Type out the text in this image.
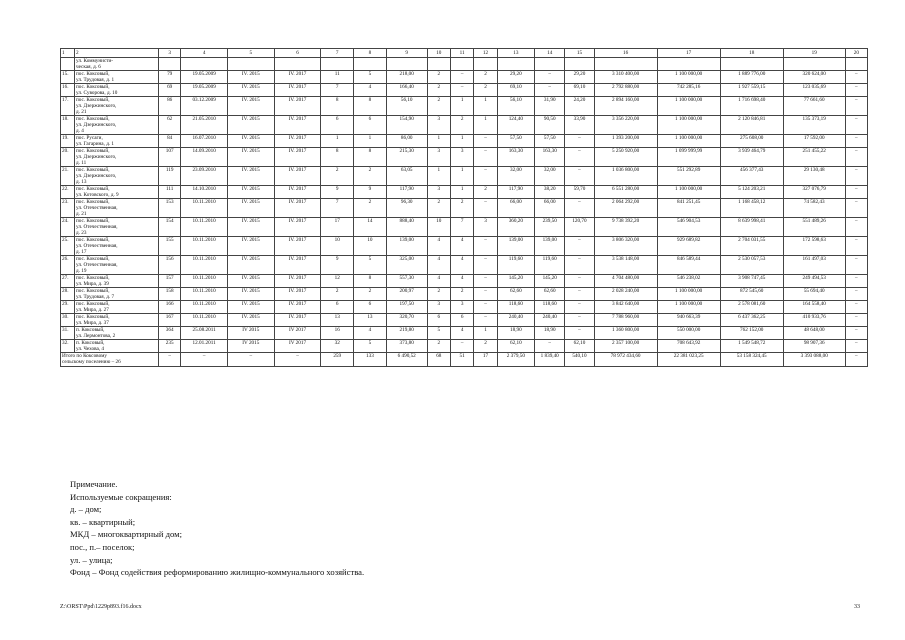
1	2	3	4	5	6	7	8	9	10	11	12	13	14	15	16	17	18	19	20
	ул. Коммунисти-
ческая, д. 6																		
15.	пос. Коксовый,
ул. Трудовая, д. 1	79	19.05.2009	IV. 2015	IV. 2017	11	5	218,00	2	–	2	29,20	–	29,20	3 310 400,00	1 100 000,00	1 889 776,00	320 624,00	–
16.	пос. Коксовый,
ул. Суворова, д. 10	69	19.05.2009	IV. 2015	IV. 2017	7	4	166,40	2	–	2	69,10	–	69,10	2 792 880,00	742 285,16	1 927 559,15	123 035,69	–
17.	пос. Коксовый,
ул. Дзержинского,
д. 21	86	03.12.2009	IV. 2015	IV. 2017	8	8	56,10	2	1	1	56,10	31,90	24,20	2 894 160,00	1 100 000,00	1 716 698,40	77 661,60	–
18.	пос. Коксовый,
ул. Дзержинского,
д. 4	62	21.05.2010	IV. 2015	IV. 2017	6	6	154,90	3	2	1	124,40	90,50	33,90	3 356 220,00	1 100 000,00	2 120 846,81	135 373,19	–
19.	пос. Русаги,
ул. Гагарина, д. 1	84	16.07.2010	IV. 2015	IV. 2017	1	1	86,00	1	1	–	57,50	57,50	–	1 393 200,00	1 100 000,00	275 608,00	17 592,00	–
20.	пос. Коксовый,
ул. Дзержинского,
д. 11	107	14.09.2010	IV. 2015	IV. 2017	8	8	215,30	3	3	–	163,30	163,30	–	5 250 920,00	1 099 999,99	3 939 464,79	251 455,22	–
21.	пос. Коксовый,
ул. Дзержинского,
д. 13	119	23.09.2010	IV. 2015	IV. 2017	2	2	63,05	1	1	–	32,00	32,00	–	1 036 800,00	551 292,89	456 377,43	29 130,48	–
22.	пос. Коксовый,
ул. Котовского, д. 9	111	14.10.2010	IV. 2015	IV. 2017	9	9	117,90	3	1	2	117,90	38,20	59,70	6 551 280,00	1 100 000,00	5 124 203,21	327 076,79	–
23.	пос. Коксовый,
ул. Отечественная,
д. 21	153	10.11.2010	IV. 2015	IV. 2017	7	2	96,30	2	2	–	66,00	66,00	–	2 064 292,00	841 251,45	1 168 458,12	74 582,43	–
24.	пос. Коксовый,
ул. Отечественная,
д. 23	154	10.11.2010	IV. 2015	IV. 2017	17	14	888,40	10	7	3	360,20	239,50	120,70	9 738 392,20	546 904,53	8 639 998,41	551 489,26	–
25.	пос. Коксовый,
ул. Отечественная,
д. 17	155	10.11.2010	IV. 2015	IV. 2017	10	10	139,00	4	4	–	139,00	139,00	–	3 806 320,00	929 689,82	2 704 031,55	172 598,63	–
26.	пос. Коксовый,
ул. Отечественная,
д. 19	156	10.11.2010	IV. 2015	IV. 2017	9	5	325,00	4	4	–	119,60	119,60	–	3 538 148,00	846 589,44	2 530 057,53	161 497,03	–
27.	пос. Коксовый,
ул. Мира, д. 39	157	10.11.2010	IV. 2015	IV. 2017	12	8	557,30	4	4	–	145,20	145,20	–	4 704 480,00	546 238,02	3 908 747,45	249 494,53	–
28.	пос. Коксовый,
ул. Трудовая, д. 7	158	10.11.2010	IV. 2015	IV. 2017	2	2	200,97	2	2	–	62,60	62,60	–	2 028 240,00	1 100 000,00	872 545,60	55 694,40	–
29.	пос. Коксовый,
ул. Мира, д. 27	166	10.11.2010	IV. 2015	IV. 2017	6	6	197,50	3	3	–	118,60	118,60	–	3 842 640,00	1 100 000,00	2 578 081,60	164 558,40	–
30.	пос. Коксовый,
ул. Мира, д. 37	167	10.11.2010	IV. 2015	IV. 2017	13	13	320,70	6	6	–	240,40	240,40	–	7 788 960,00	940 663,39	6 437 362,25	410 933,76	–
31.	п. Коксовый,
ул. Лермонтова, 2	364	25.08.2011	IV 2015	IV 2017	16	4	219,80	5	4	1	18,90	18,90	–	1 360 800,00	550 000,00	762 152,00	48 648,00	–
32.	п. Коксовый,
ул. Чехова, 4	235	12.01.2011	IV 2015	IV 2017	32	5	373,80	2	–	2	62,10	–	62,10	2 357 100,00	708 643,92	1 549 548,72	98 907,36	–
Итого по Коксовому
сельскому поселению – 26		–	–	–	–	259	133	6 490,52	68	51	17	2 379,50	1 839,40	540,10	78 972 434,60	22 381 023,25	53 158 324,45	3 393 088,00	–
Примечание.
Используемые сокращения:
д. – дом;
кв. – квартирный;
МКД – многоквартирный дом;
пос., п.– поселок;
ул. – улица;
Фонд – Фонд содействия реформированию жилищно-коммунального хозяйства.
Z:\ORST\Ppd\1229p893.f16.docx	33
